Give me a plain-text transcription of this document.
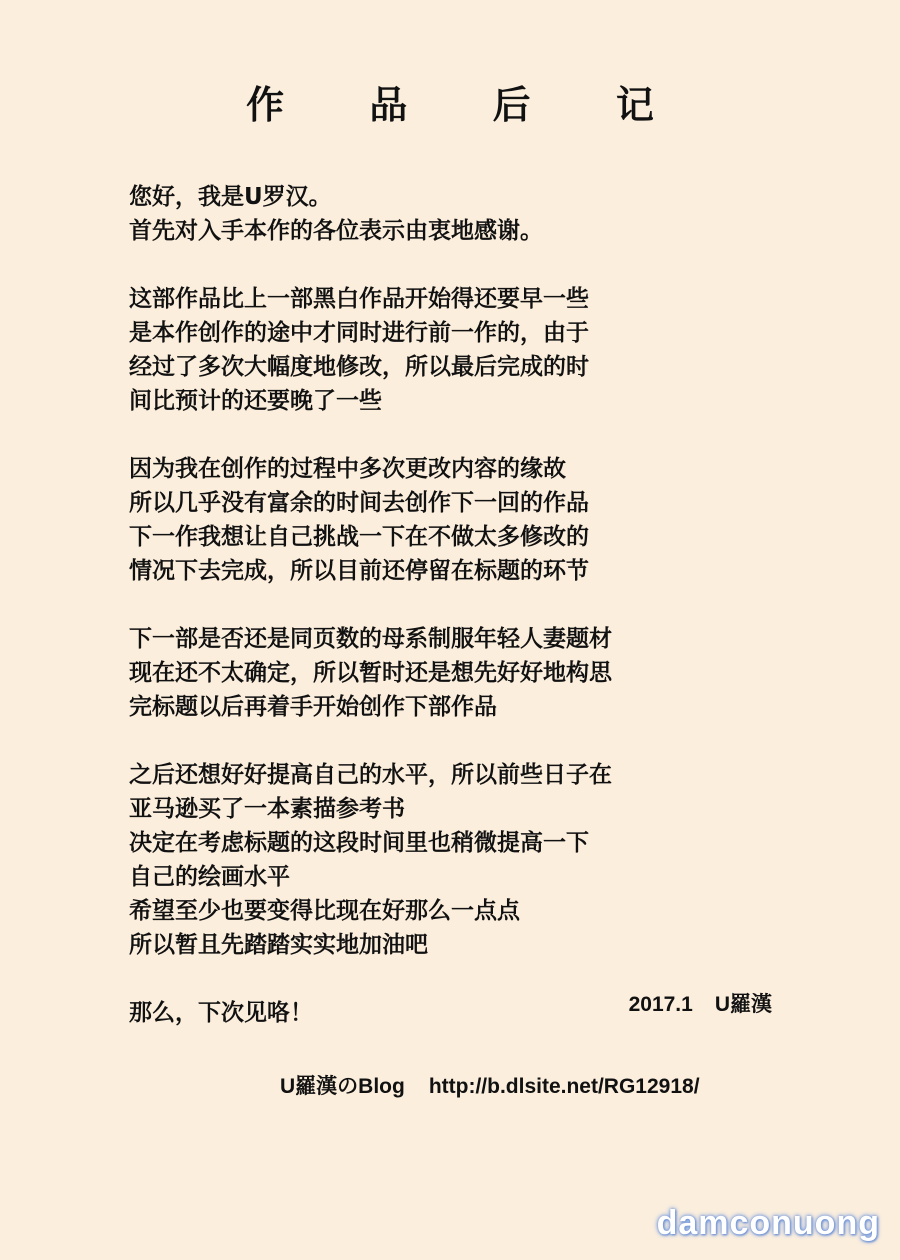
作 品 后 记
您好，我是U罗汉。
首先对入手本作的各位表示由衷地感谢。
这部作品比上一部黑白作品开始得还要早一些
是本作创作的途中才同时进行前一作的，由于
经过了多次大幅度地修改，所以最后完成的时
间比预计的还要晚了一些
因为我在创作的过程中多次更改内容的缘故
所以几乎没有富余的时间去创作下一回的作品
下一作我想让自己挑战一下在不做太多修改的
情况下去完成，所以目前还停留在标题的环节
下一部是否还是同页数的母系制服年轻人妻题材
现在还不太确定，所以暂时还是想先好好地构思
完标题以后再着手开始创作下部作品
之后还想好好提高自己的水平，所以前些日子在
亚马逊买了一本素描参考书
决定在考虑标题的这段时间里也稍微提高一下
自己的绘画水平
希望至少也要变得比现在好那么一点点
所以暂且先踏踏实实地加油吧
那么，下次见咯！	2017.1 U羅漢
U羅漢のBlog http://b.dlsite.net/RG12918/
damconuong
